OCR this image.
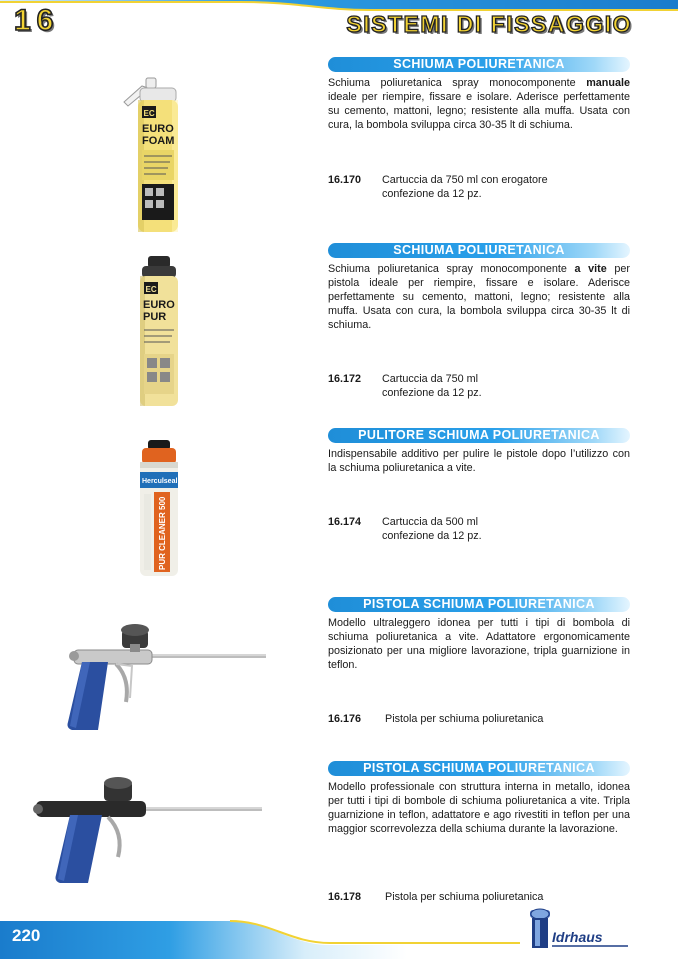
16	SISTEMI DI FISSAGGIO
EC
EURO
FOAM
SCHIUMA POLIURETANICA
Schiuma poliuretanica spray monocomponente manuale ideale per riempire, fissare e isolare. Aderisce perfettamente su cemento, mattoni, legno; resistente alla muffa. Usata con cura, la bombola sviluppa circa 30-35 lt di schiuma.
16.170 Cartuccia da 750 ml con erogatore
confezione da 12 pz.
EC
EURO
PUR
SCHIUMA POLIURETANICA
Schiuma poliuretanica spray monocomponente a vite per pistola ideale per riempire, fissare e isolare. Aderisce perfettamente su cemento, mattoni, legno; resistente alla muffa. Usata con cura, la bombola sviluppa circa 30-35 lt di schiuma.
16.172 Cartuccia da 750 ml
confezione da 12 pz.
Herculseal
PUR CLEANER 500
PULITORE SCHIUMA POLIURETANICA
Indispensabile additivo per pulire le pistole dopo l’utilizzo con la schiuma poliuretanica a vite.
16.174 Cartuccia da 500 ml
confezione da 12 pz.
PISTOLA SCHIUMA POLIURETANICA
Modello ultraleggero idonea per tutti i tipi di bombola di schiuma poliuretanica a vite. Adattatore ergonomicamente posizionato per una migliore lavorazione, tripla guarnizione in teflon.
16.176 Pistola per schiuma poliuretanica
PISTOLA SCHIUMA POLIURETANICA
Modello professionale con struttura interna in metallo, idonea per tutti i tipi di bombole di schiuma poliuretanica a vite. Tripla guarnizione in teflon, adattatore e ago rivestiti in teflon per una maggior scorrevolezza della schiuma durante la lavorazione.
16.178 Pistola per schiuma poliuretanica
220	Idrhaus
